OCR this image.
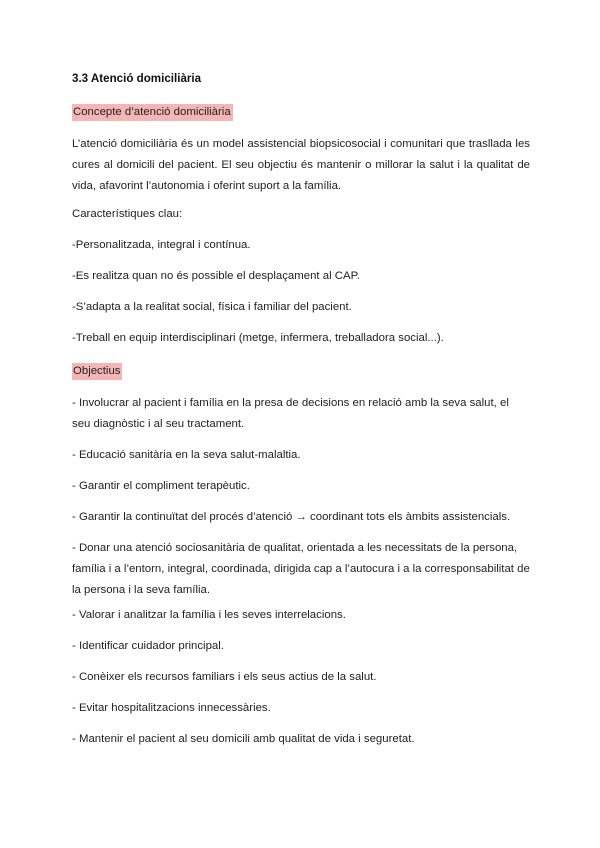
3.3 Atenció domiciliària
Concepte d’atenció domiciliària
L’atenció domiciliària és un model assistencial biopsicosocial i comunitari que trasllada les cures al domicili del pacient. El seu objectiu és mantenir o millorar la salut i la qualitat de vida, afavorint l’autonomia i oferint suport a la família.
Característiques clau:
-Personalitzada, integral i contínua.
-Es realitza quan no és possible el desplaçament al CAP.
-S’adapta a la realitat social, física i familiar del pacient.
-Treball en equip interdisciplinari (metge, infermera, treballadora social...).
Objectius
- Involucrar al pacient i família en la presa de decisions en relació amb la seva salut, el seu diagnòstic i al seu tractament.
- Educació sanitària en la seva salut-malaltia.
- Garantir el compliment terapèutic.
- Garantir la continuïtat del procés d’atenció → coordinant tots els àmbits assistencials.
- Donar una atenció sociosanitària de qualitat, orientada a les necessitats de la persona, família i a l’entorn, integral, coordinada, dirigida cap a l’autocura i a la corresponsabilitat de la persona i la seva família.
- Valorar i analitzar la família i les seves interrelacions.
- Identificar cuidador principal.
- Conèixer els recursos familiars i els seus actius de la salut.
- Evitar hospitalitzacions innecessàries.
- Mantenir el pacient al seu domicili amb qualitat de vida i seguretat.
